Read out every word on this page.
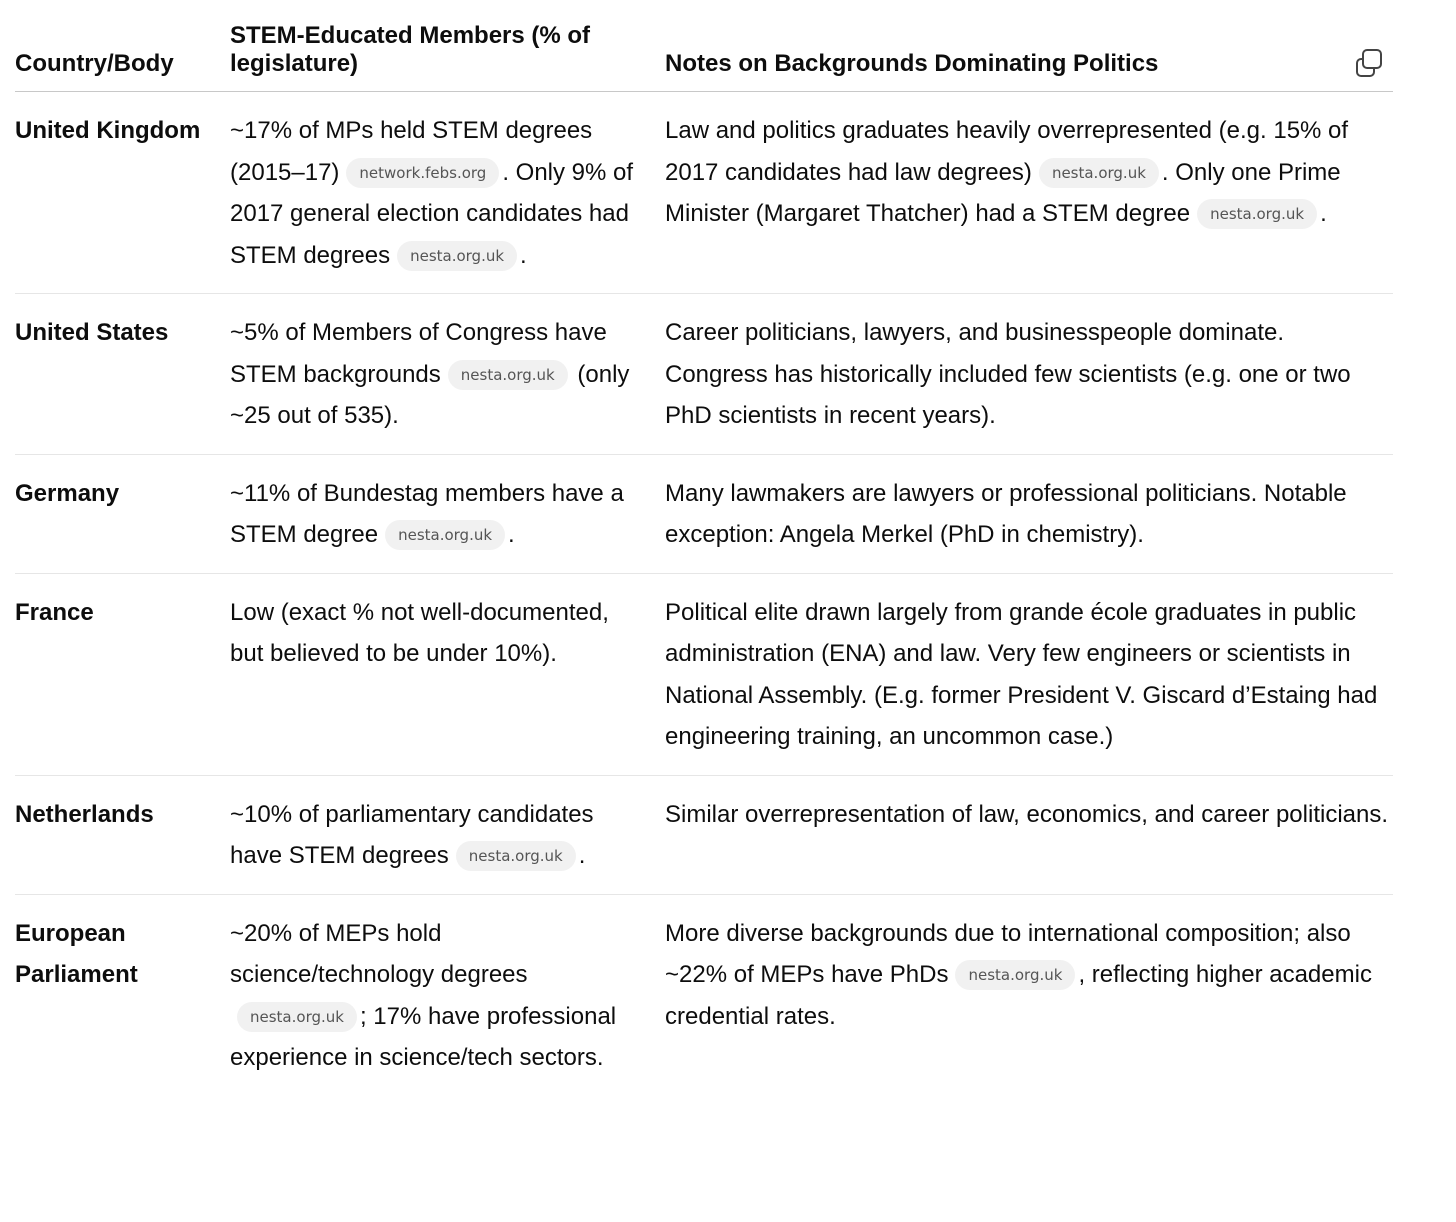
Country/Body	STEM-Educated Members (% of legislature)	Notes on Backgrounds Dominating Politics
United Kingdom	~17% of MPs held STEM degrees (2015–17) network.febs.org . Only 9% of 2017 general election candidates had STEM degrees nesta.org.uk .	Law and politics graduates heavily overrepresented (e.g. 15% of 2017 candidates had law degrees) nesta.org.uk . Only one Prime Minister (Margaret Thatcher) had a STEM degree nesta.org.uk .
United States	~5% of Members of Congress have STEM backgrounds nesta.org.uk (only ~25 out of 535).	Career politicians, lawyers, and businesspeople dominate. Congress has historically included few scientists (e.g. one or two PhD scientists in recent years).
Germany	~11% of Bundestag members have a STEM degree nesta.org.uk .	Many lawmakers are lawyers or professional politicians. Notable exception: Angela Merkel (PhD in chemistry).
France	Low (exact % not well-documented, but believed to be under 10%).	Political elite drawn largely from grande école graduates in public administration (ENA) and law. Very few engineers or scientists in National Assembly. (E.g. former President V. Giscard d’Estaing had engineering training, an uncommon case.)
Netherlands	~10% of parliamentary candidates have STEM degrees nesta.org.uk .	Similar overrepresentation of law, economics, and career politicians.
European Parliament	~20% of MEPs hold science/technology degreesnesta.org.uk ; 17% have professional experience in science/tech sectors.	More diverse backgrounds due to international composition; also ~22% of MEPs have PhDs nesta.org.uk , reflecting higher academic credential rates.
